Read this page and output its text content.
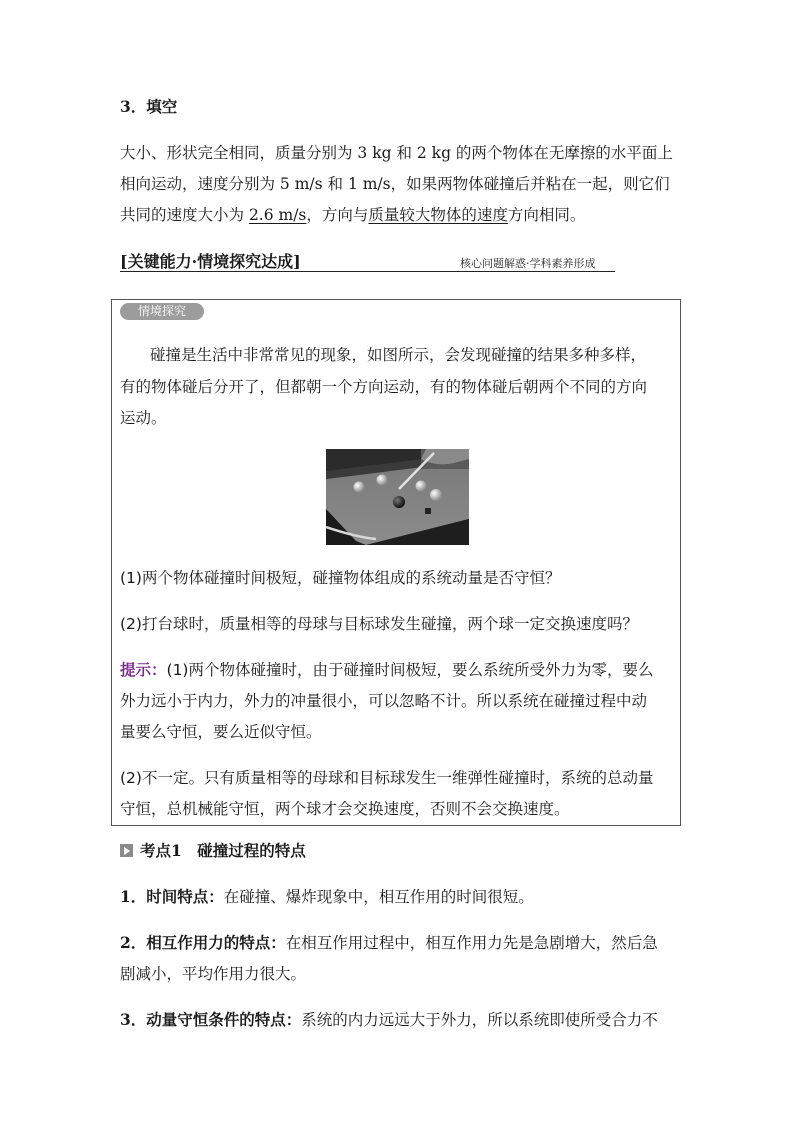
3．填空
大小、形状完全相同，质量分别为 3 kg 和 2 kg 的两个物体在无摩擦的水平面上
相向运动，速度分别为 5 m/s 和 1 m/s，如果两物体碰撞后并粘在一起，则它们
共同的速度大小为 2.6 m/s，方向与质量较大物体的速度方向相同。
[关键能力·情境探究达成]	核心问题解惑·学科素养形成
情境探究
碰撞是生活中非常常见的现象，如图所示，会发现碰撞的结果多种多样，
有的物体碰后分开了，但都朝一个方向运动，有的物体碰后朝两个不同的方向
运动。
(1)两个物体碰撞时间极短，碰撞物体组成的系统动量是否守恒？
(2)打台球时，质量相等的母球与目标球发生碰撞，两个球一定交换速度吗？
提示：(1)两个物体碰撞时，由于碰撞时间极短，要么系统所受外力为零，要么
外力远小于内力，外力的冲量很小，可以忽略不计。所以系统在碰撞过程中动
量要么守恒，要么近似守恒。
(2)不一定。只有质量相等的母球和目标球发生一维弹性碰撞时，系统的总动量
守恒，总机械能守恒，两个球才会交换速度，否则不会交换速度。
考点1　碰撞过程的特点
1．时间特点：在碰撞、爆炸现象中，相互作用的时间很短。
2．相互作用力的特点：在相互作用过程中，相互作用力先是急剧增大，然后急
剧减小，平均作用力很大。
3．动量守恒条件的特点：系统的内力远远大于外力，所以系统即使所受合力不
